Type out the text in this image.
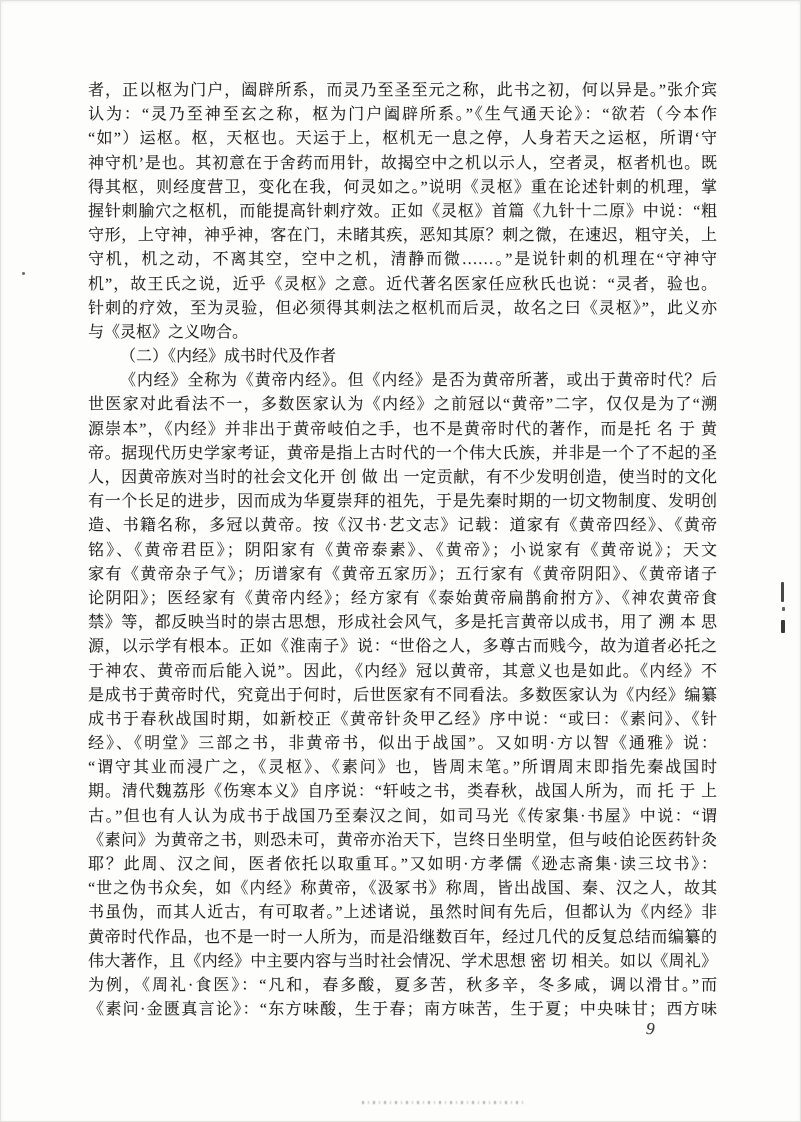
者，正以枢为门户，阖辟所系，而灵乃至圣至元之称，此书之初，何以异是。”张介宾
认为：“灵乃至神至玄之称，枢为门户阖辟所系。”《生气通天论》：“欲若（今本作
“如”）运枢。枢，天枢也。天运于上，枢机无一息之停，人身若天之运枢，所谓‘守
神守机’是也。其初意在于舍药而用针，故揭空中之机以示人，空者灵，枢者机也。既
得其枢，则经度营卫，变化在我，何灵如之。”说明《灵枢》重在论述针刺的机理，掌
握针刺腧穴之枢机，而能提高针刺疗效。正如《灵枢》首篇《九针十二原》中说：“粗
守形，上守神，神乎神，客在门，未睹其疾，恶知其原？刺之微，在速迟，粗守关，上
守机，机之动，不离其空，空中之机，清静而微……。”是说针刺的机理在“守神守
机”，故王氏之说，近乎《灵枢》之意。近代著名医家任应秋氏也说：“灵者，验也。
针刺的疗效，至为灵验，但必须得其刺法之枢机而后灵，故名之曰《灵枢》”，此义亦
与《灵枢》之义吻合。
（二）《内经》成书时代及作者
《内经》全称为《黄帝内经》。但《内经》是否为黄帝所著，或出于黄帝时代？后
世医家对此看法不一，多数医家认为《内经》之前冠以“黄帝”二字，仅仅是为了“溯
源崇本”，《内经》并非出于黄帝岐伯之手，也不是黄帝时代的著作，而是托 名 于 黄
帝。据现代历史学家考证，黄帝是指上古时代的一个伟大氏族，并非是一个了不起的圣
人，因黄帝族对当时的社会文化开 创 做 出 一定贡献，有不少发明创造，使当时的文化
有一个长足的进步，因而成为华夏崇拜的祖先，于是先秦时期的一切文物制度、发明创
造、书籍名称，多冠以黄帝。按《汉书·艺文志》记载：道家有《黄帝四经》、《黄帝
铭》、《黄帝君臣》；阴阳家有《黄帝泰素》、《黄帝》；小说家有《黄帝说》；天文
家有《黄帝杂子气》；历谱家有《黄帝五家历》；五行家有《黄帝阴阳》、《黄帝诸子
论阴阳》；医经家有《黄帝内经》；经方家有《泰始黄帝扁鹊俞拊方》、《神农黄帝食
禁》等，都反映当时的崇古思想，形成社会风气，多是托言黄帝以成书，用了 溯 本 思
源，以示学有根本。正如《淮南子》说：“世俗之人，多尊古而贱今，故为道者必托之
于神农、黄帝而后能入说”。因此，《内经》冠以黄帝，其意义也是如此。《内经》不
是成书于黄帝时代，究竟出于何时，后世医家有不同看法。多数医家认为《内经》编纂
成书于春秋战国时期，如新校正《黄帝针灸甲乙经》序中说：“或曰：《素问》、《针
经》、《明堂》三部之书，非黄帝书，似出于战国”。又如明·方以智《通雅》说：
“谓守其业而浸广之，《灵枢》、《素问》也，皆周末笔。”所谓周末即指先秦战国时
期。清代魏荔彤《伤寒本义》自序说：“轩岐之书，类春秋，战国人所为，而 托 于 上
古。”但也有人认为成书于战国乃至秦汉之间，如司马光《传家集·书屋》中说：“谓
《素问》为黄帝之书，则恐未可，黄帝亦治天下，岂终日坐明堂，但与岐伯论医药针灸
耶？此周、汉之间，医者依托以取重耳。”又如明·方孝儒《逊志斋集·读三坟书》：
“世之伪书众矣，如《内经》称黄帝，《汲冢书》称周，皆出战国、秦、汉之人，故其
书虽伪，而其人近古，有可取者。”上述诸说，虽然时间有先后，但都认为《内经》非
黄帝时代作品，也不是一时一人所为，而是沿继数百年，经过几代的反复总结而编纂的
伟大著作，且《内经》中主要内容与当时社会情况、学术思想 密 切 相关。如以《周礼》
为例，《周礼·食医》：“凡和，春多酸，夏多苦，秋多辛，冬多咸，调以滑甘。”而
《素问·金匮真言论》：“东方味酸，生于春；南方味苦，生于夏；中央味甘；西方味
9
